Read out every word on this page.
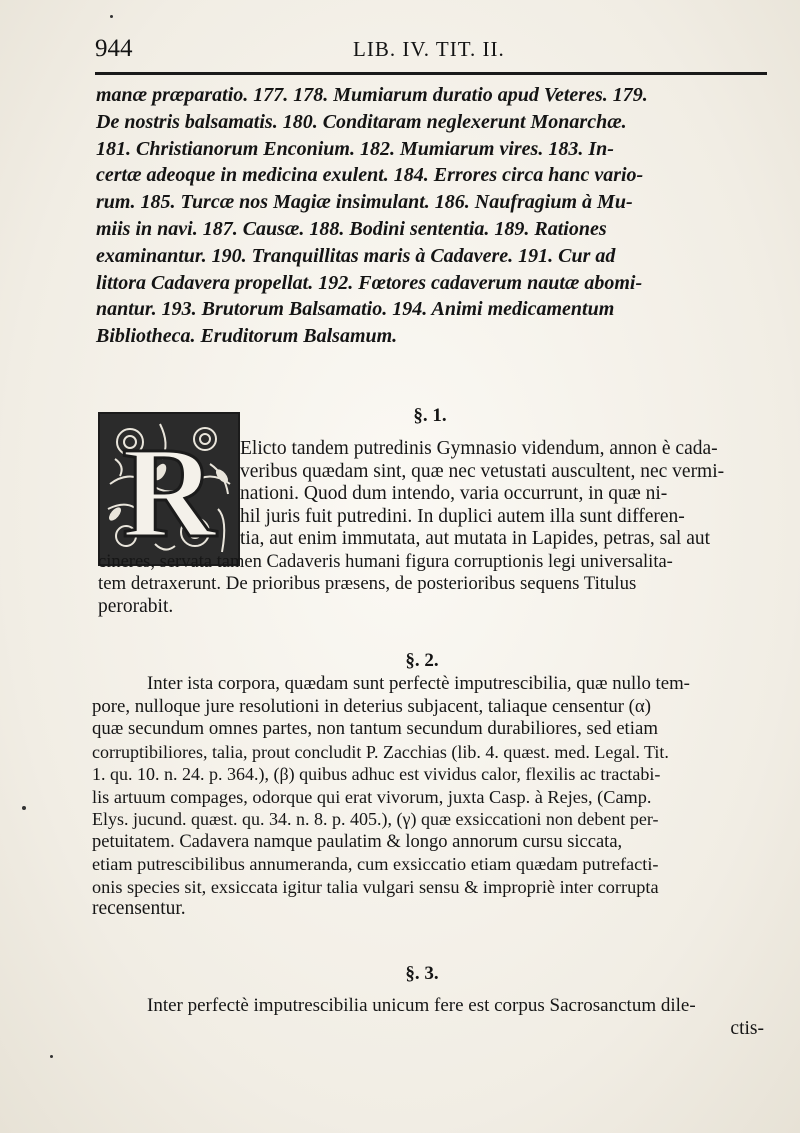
944	LIB. IV. TIT. II.
manæ præparatio. 177. 178. Mumiarum duratio apud Veteres. 179.
De nostris balsamatis. 180. Conditaram neglexerunt Monarchæ.
181. Christianorum Enconium. 182. Mumiarum vires. 183. In-
certæ adeoque in medicina exulent. 184. Errores circa hanc vario-
rum. 185. Turcæ nos Magiæ insimulant. 186. Naufragium à Mu-
miis in navi. 187. Causæ. 188. Bodini sententia. 189. Rationes
examinantur. 190. Tranquillitas maris à Cadavere. 191. Cur ad
littora Cadavera propellat. 192. Fœtores cadaverum nautæ abomi-
nantur. 193. Brutorum Balsamatio. 194. Animi medicamentum
Bibliotheca. Eruditorum Balsamum.
§. 1.
R	Elicto tandem putredinis Gymnasio videndum, annon è cada-
veribus quædam sint, quæ nec vetustati auscultent, nec vermi-
nationi. Quod dum intendo, varia occurrunt, in quæ ni-
hil juris fuit putredini. In duplici autem illa sunt differen-
tia, aut enim immutata, aut mutata in Lapides, petras, sal aut
cineres, servata tamen Cadaveris humani figura corruptionis legi universalita-
tem detraxerunt. De prioribus præsens, de posterioribus sequens Titulus
perorabit.
§. 2.
Inter ista corpora, quædam sunt perfectè imputrescibilia, quæ nullo tem-
pore, nulloque jure resolutioni in deterius subjacent, taliaque censentur (α)
quæ secundum omnes partes, non tantum secundum durabiliores, sed etiam
corruptibiliores, talia, prout concludit P. Zacchias (lib. 4. quæst. med. Legal. Tit.
1. qu. 10. n. 24. p. 364.), (β) quibus adhuc est vividus calor, flexilis ac tractabi-
lis artuum compages, odorque qui erat vivorum, juxta Casp. à Rejes, (Camp.
Elys. jucund. quæst. qu. 34. n. 8. p. 405.), (γ) quæ exsiccationi non debent per-
petuitatem. Cadavera namque paulatim & longo annorum cursu siccata,
etiam putrescibilibus annumeranda, cum exsiccatio etiam quædam putrefacti-
onis species sit, exsiccata igitur talia vulgari sensu & impropriè inter corrupta
recensentur.
§. 3.
Inter perfectè imputrescibilia unicum fere est corpus Sacrosanctum dile-
ctis-
